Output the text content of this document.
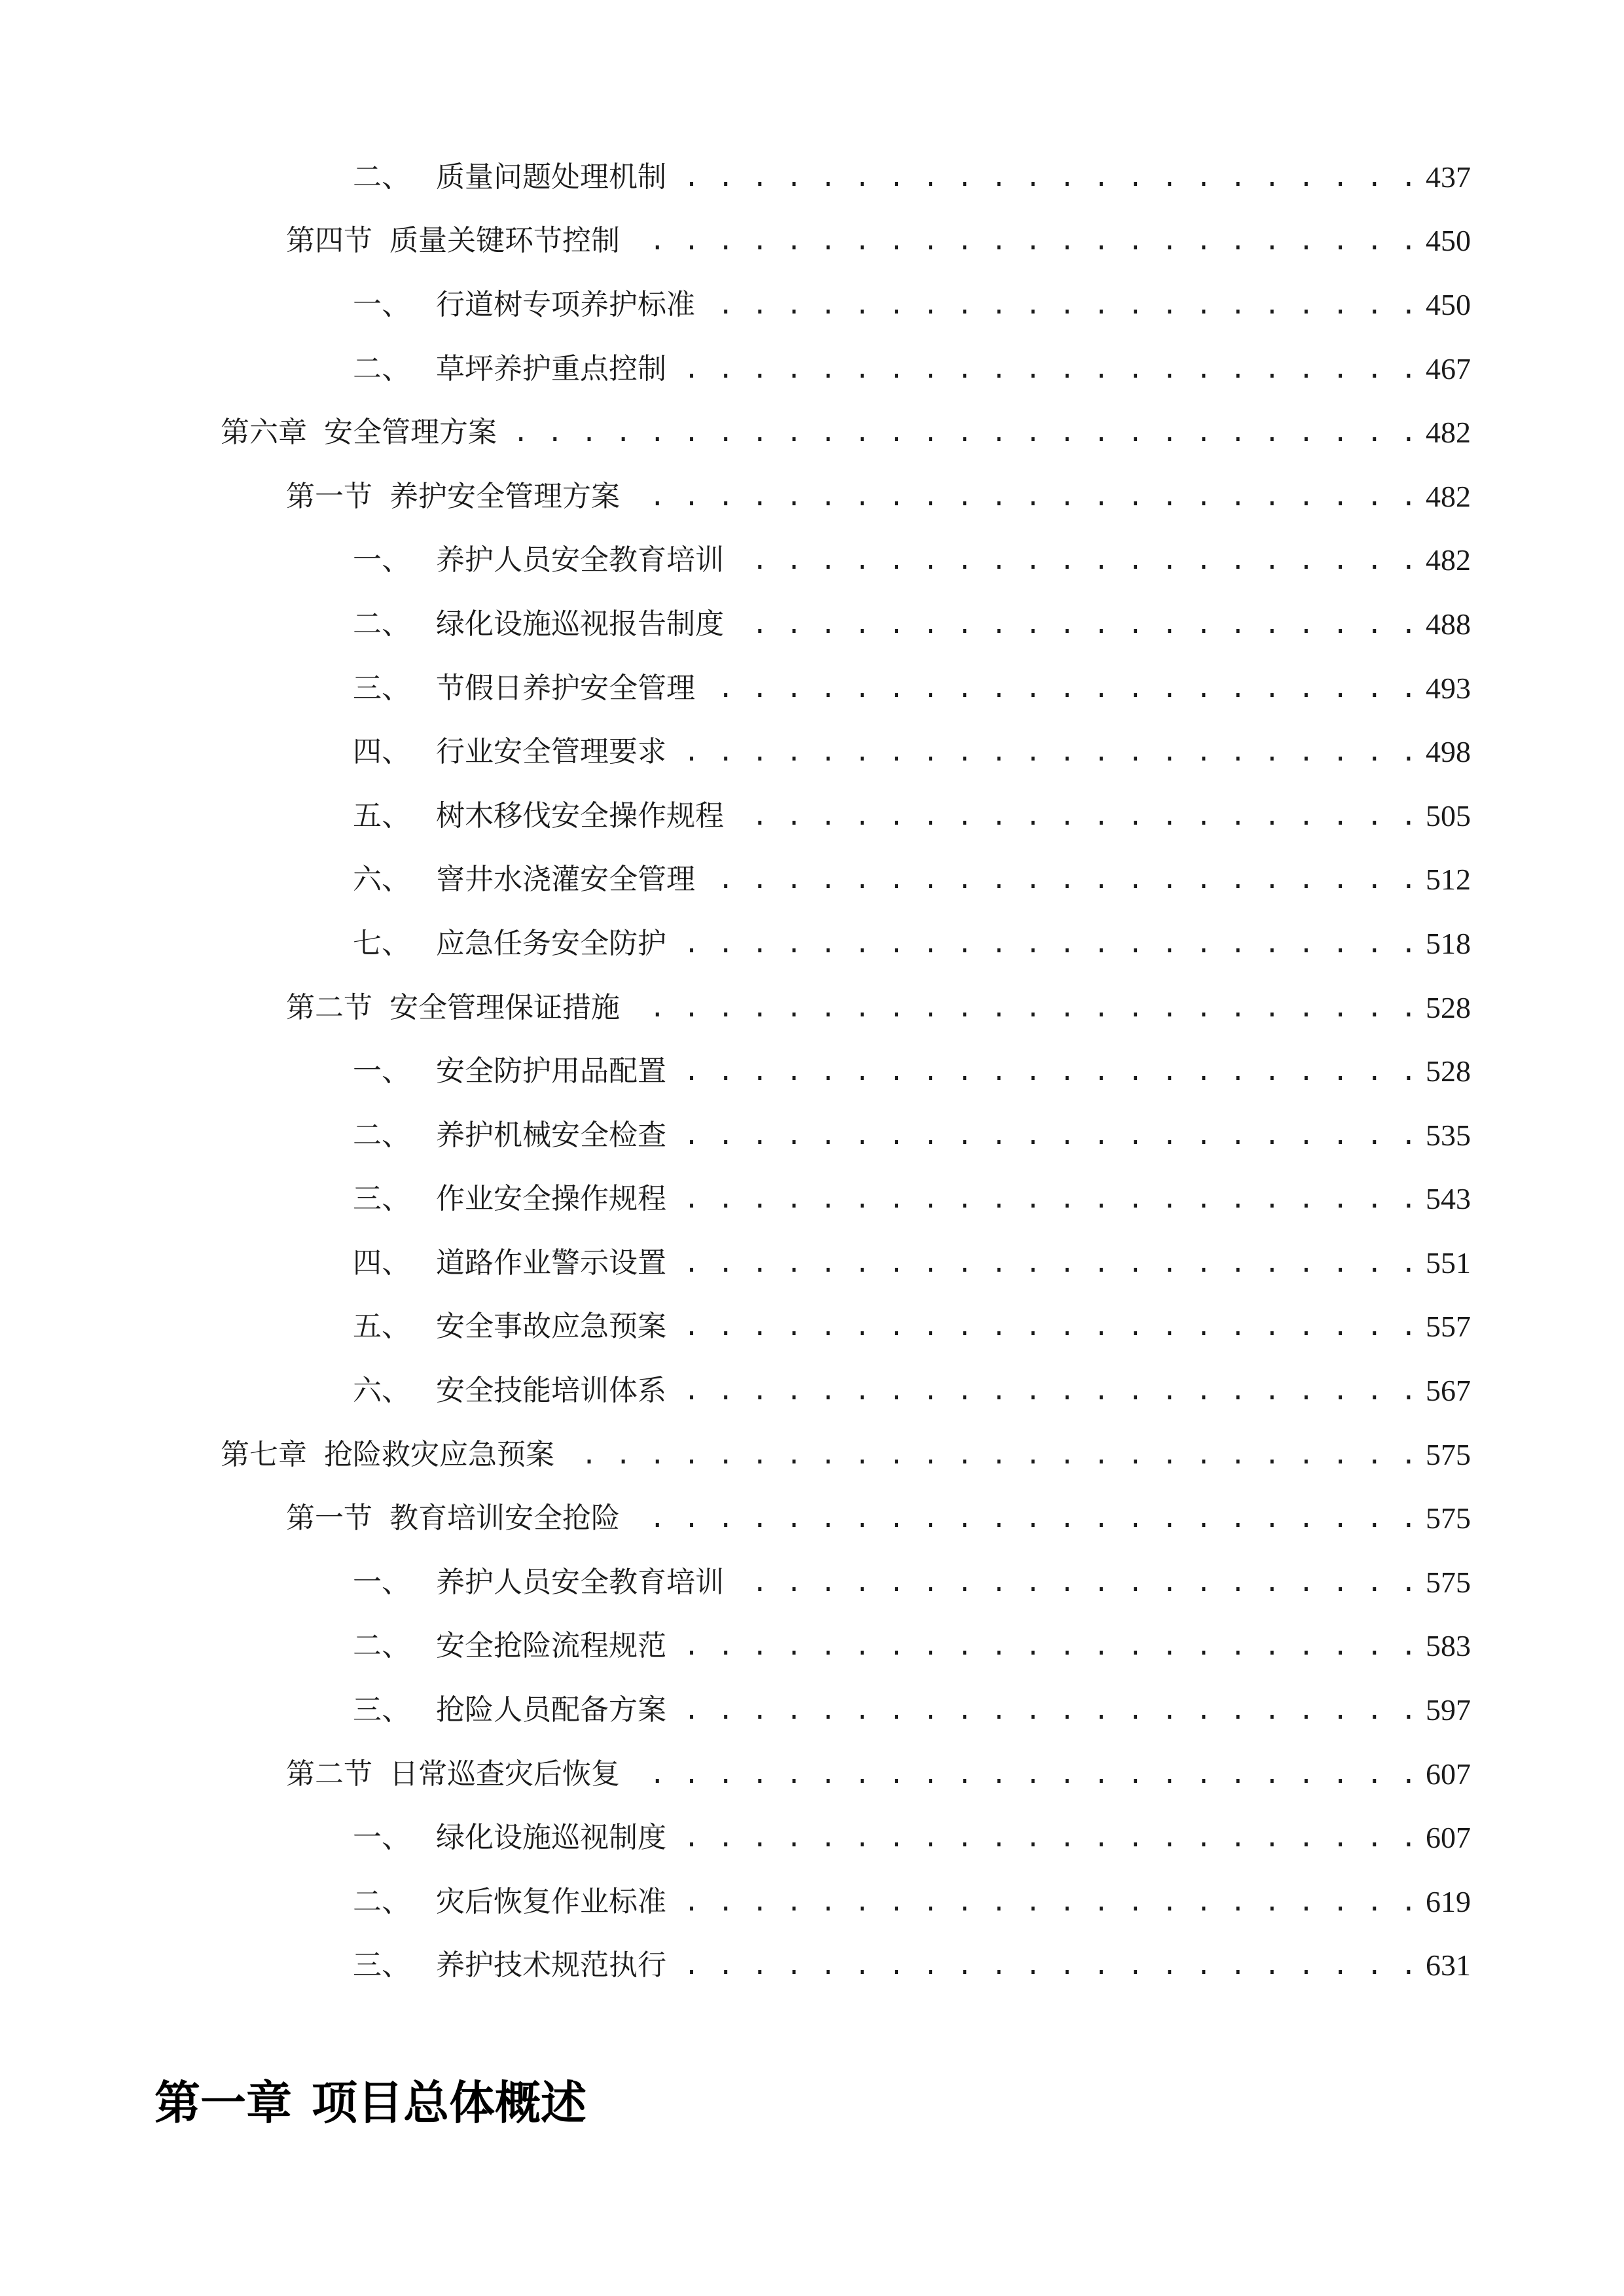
二、 质量问题处理机制 . . .	437
第四节 质量关键环节控制 . . .	450
一、 行道树专项养护标准 . . .	450
二、 草坪养护重点控制 . . .	467
第六章 安全管理方案 . . .	482
第一节 养护安全管理方案 . . .	482
一、 养护人员安全教育培训 . . .	482
二、 绿化设施巡视报告制度 . . .	488
三、 节假日养护安全管理 . . .	493
四、 行业安全管理要求 . . .	498
五、 树木移伐安全操作规程 . . .	505
六、 窨井水浇灌安全管理 . . .	512
七、 应急任务安全防护 . . .	518
第二节 安全管理保证措施 . . .	528
一、 安全防护用品配置 . . .	528
二、 养护机械安全检查 . . .	535
三、 作业安全操作规程 . . .	543
四、 道路作业警示设置 . . .	551
五、 安全事故应急预案 . . .	557
六、 安全技能培训体系 . . .	567
第七章 抢险救灾应急预案 . . .	575
第一节 教育培训安全抢险 . . .	575
一、 养护人员安全教育培训 . . .	575
二、 安全抢险流程规范 . . .	583
三、 抢险人员配备方案 . . .	597
第二节 日常巡查灾后恢复 . . .	607
一、 绿化设施巡视制度 . . .	607
二、 灾后恢复作业标准 . . .	619
三、 养护技术规范执行 . . .	631
第一章 项目总体概述
